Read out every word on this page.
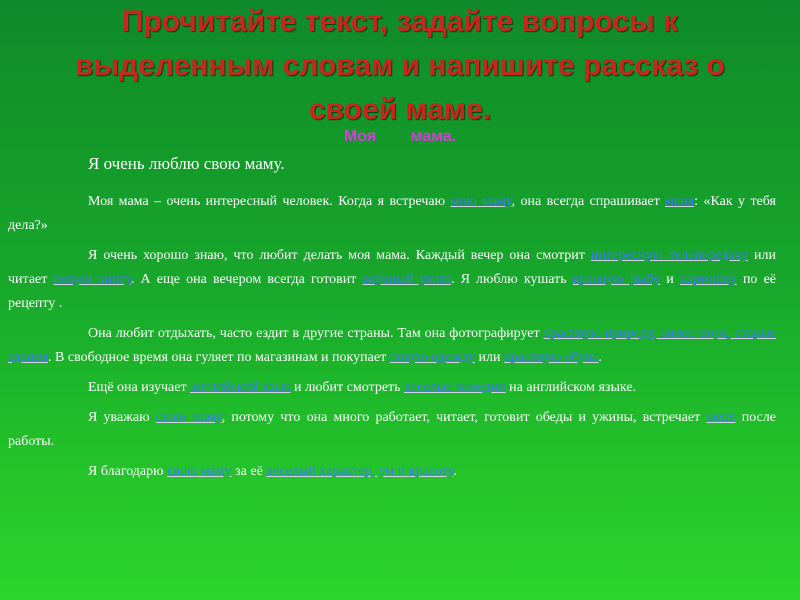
Прочитайте текст, задайте вопросы к выделенным словам и напишите рассказ о своей маме.
Моя мама.

Я очень люблю свою маму.

Моя мама – очень интересный человек. Когда я встречаю мою маму, она всегда спрашивает меня: «Как у тебя дела?»

Я очень хорошо знаю, что любит делать моя мама. Каждый вечер она смотрит интересную телепередачу или читает новую книгу. А еще она вечером всегда готовит вкусный ужин. Я люблю кушать красную рыбу и картошку по её рецепту .

Она любит отдыхать, часто ездит в другие страны. Там она фотографирует красивую природу, синее море, старые здания. В свободное время она гуляет по магазинам и покупает новую одежду или красивую обувь.

Ещё она изучает английский язык и любит смотреть веселые комедии на английском языке.

Я уважаю свою маму, потому что она много работает, читает, готовит обеды и ужины, встречает меня после работы.

Я благодарю свою маму за её веселый характер, ум и красоту.
